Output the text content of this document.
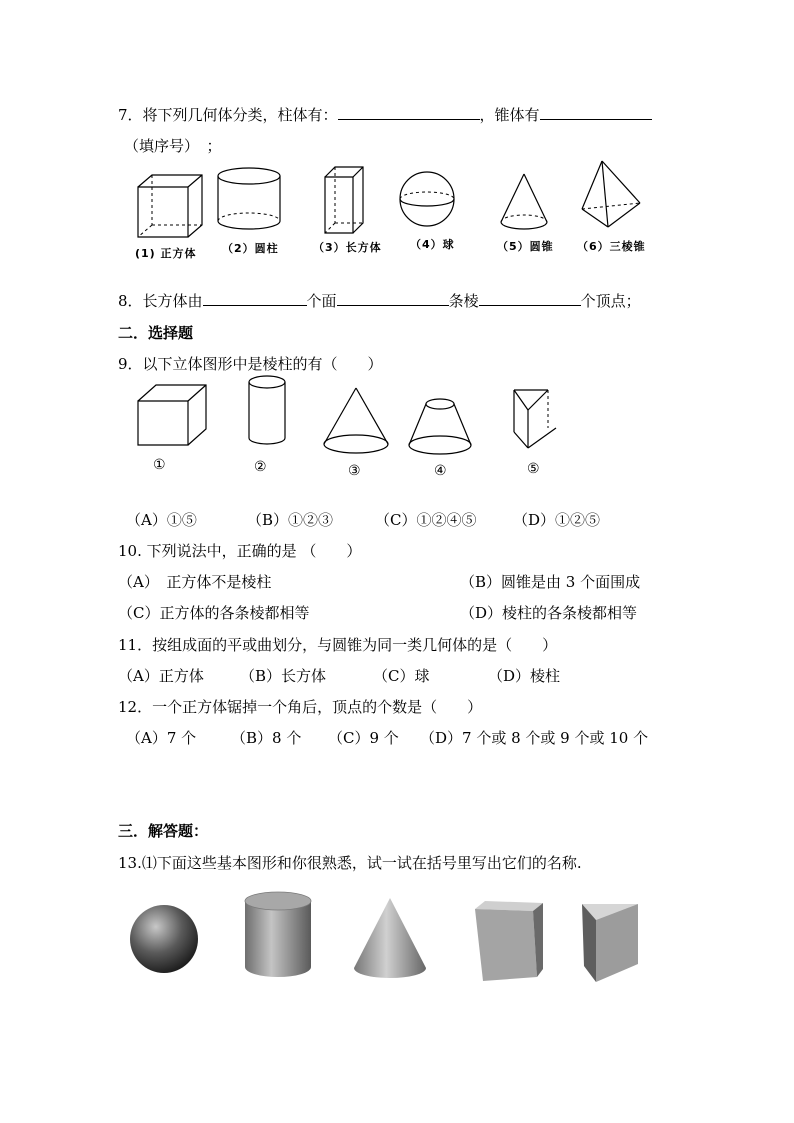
7．将下列几何体分类，柱体有：	，锥体有
（填序号）　；
(1) 正方体 （2）圆柱	（3）长方体	（4）球	（5）圆锥 （6）三棱锥
8．长方体由	个面	条棱	个顶点；
二．选择题
9．以下立体图形中是棱柱的有（　　）
①	②	③	④	⑤
（A）①⑤	（B）①②③	（C）①②④⑤ （D）①②⑤
10. 下列说法中，正确的是 （　　）
（A）　正方体不是棱柱	（B）圆锥是由 3 个面围成
（C）正方体的各条棱都相等	（D）棱柱的各条棱都相等
11．按组成面的平或曲划分，与圆锥为同一类几何体的是（　　）
（A）正方体 （B）长方体	（C）球	（D）棱柱
12．一个正方体锯掉一个角后，顶点的个数是（　　）
（A）7 个 （B）8 个 （C）9 个 （D）7 个或 8 个或 9 个或 10 个
三．解答题：
13.⑴下面这些基本图形和你很熟悉，试一试在括号里写出它们的名称.
